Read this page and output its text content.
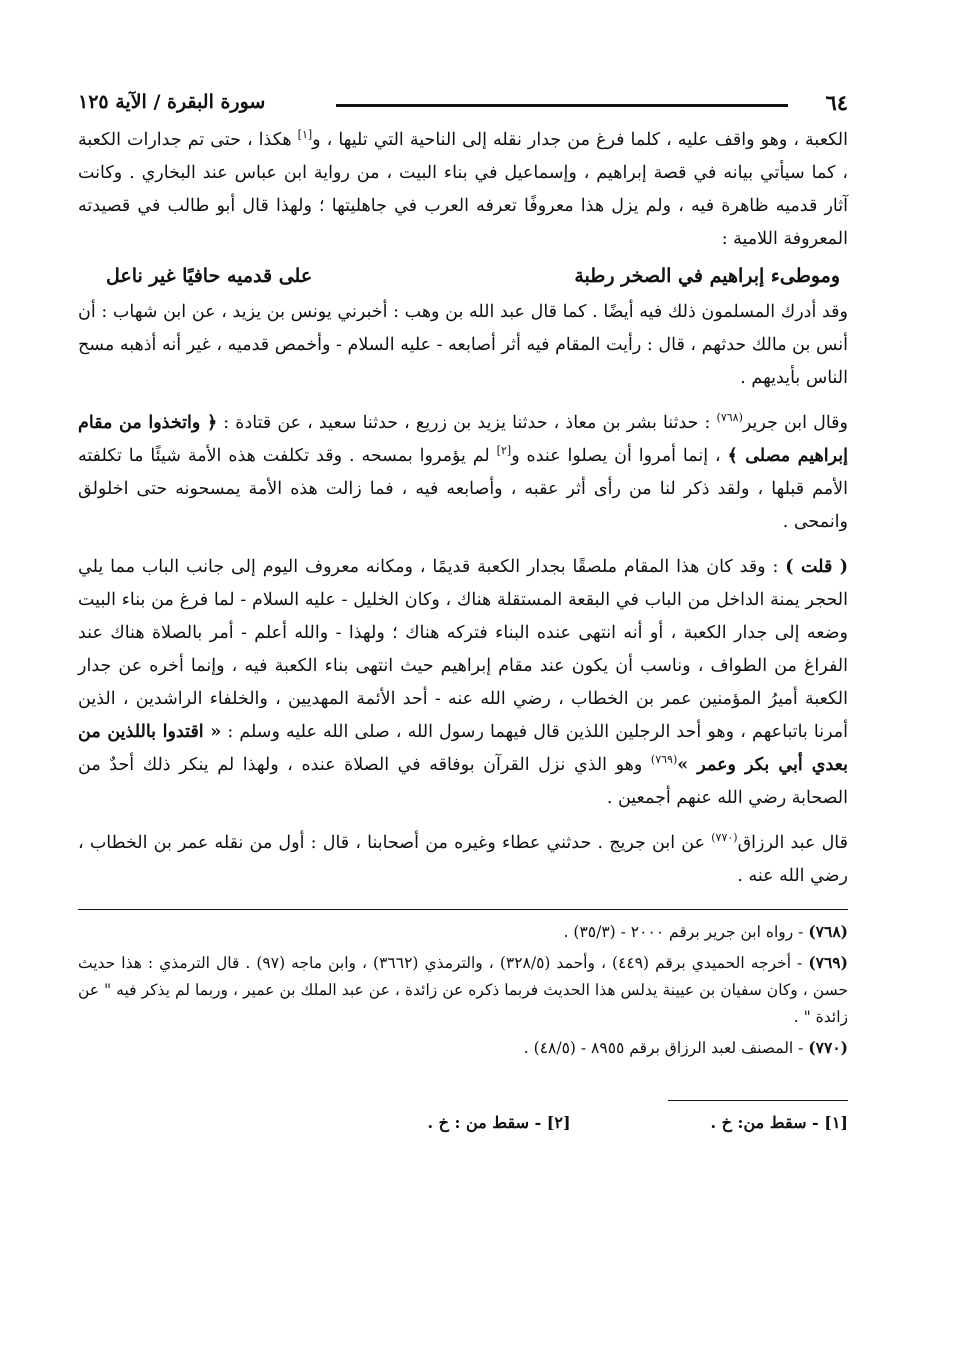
٦٤
سورة البقرة / الآية ١٢٥

الكعبة ، وهو واقف عليه ، كلما فرغ من جدار نقله إلى الناحية التي تليها ، و[١] هكذا ، حتى تم جدارات الكعبة ، كما سيأتي بيانه في قصة إبراهيم ، وإسماعيل في بناء البيت ، من رواية ابن عباس عند البخاري . وكانت آثار قدميه ظاهرة فيه ، ولم يزل هذا معروفًا تعرفه العرب في جاهليتها ؛ ولهذا قال أبو طالب في قصيدته المعروفة اللامية :

وموطىء إبراهيم في الصخر رطبة
على قدميه حافيًا غير ناعل

وقد أدرك المسلمون ذلك فيه أيضًا . كما قال عبد الله بن وهب : أخبرني يونس بن يزيد ، عن ابن شهاب : أن أنس بن مالك حدثهم ، قال : رأيت المقام فيه أثر أصابعه - عليه السلام - وأخمص قدميه ، غير أنه أذهبه مسح الناس بأيديهم .

وقال ابن جرير$^{(٧٦٨)}$ : حدثنا بشر بن معاذ ، حدثنا يزيد بن زريع ، حدثنا سعيد ، عن قتادة : ﴿ واتخذوا من مقام إبراهيم مصلى ﴾ ، إنما أمروا أن يصلوا عنده و[٢] لم يؤمروا بمسحه . وقد تكلفت هذه الأمة شيئًا ما تكلفته الأمم قبلها ، ولقد ذكر لنا من رأى أثر عقبه ، وأصابعه فيه ، فما زالت هذه الأمة يمسحونه حتى اخلولق وانمحى .

( قلت ) : وقد كان هذا المقام ملصقًا بجدار الكعبة قديمًا ، ومكانه معروف اليوم إلى جانب الباب مما يلي الحجر يمنة الداخل من الباب في البقعة المستقلة هناك ، وكان الخليل - عليه السلام - لما فرغ من بناء البيت وضعه إلى جدار الكعبة ، أو أنه انتهى عنده البناء فتركه هناك ؛ ولهذا - والله أعلم - أمر بالصلاة هناك عند الفراغ من الطواف ، وناسب أن يكون عند مقام إبراهيم حيث انتهى بناء الكعبة فيه ، وإنما أخره عن جدار الكعبة أميرُ المؤمنين عمر بن الخطاب ، رضي الله عنه - أحد الأئمة المهديين ، والخلفاء الراشدين ، الذين أمرنا باتباعهم ، وهو أحد الرجلين اللذين قال فيهما رسول الله ، صلى الله عليه وسلم : « اقتدوا باللذين من بعدي أبي بكر وعمر »$^{(٧٦٩)}$ وهو الذي نزل القرآن بوفاقه في الصلاة عنده ، ولهذا لم ينكر ذلك أحدٌ من الصحابة رضي الله عنهم أجمعين .

قال عبد الرزاق$^{(٧٧٠)}$ عن ابن جريج . حدثني عطاء وغيره من أصحابنا ، قال : أول من نقله عمر بن الخطاب ، رضي الله عنه .

(٧٦٨) - رواه ابن جرير برقم ٢٠٠٠ - (٣٥/٣) .

(٧٦٩) - أخرجه الحميدي برقم (٤٤٩) ، وأحمد (٣٢٨/٥) ، والترمذي (٣٦٦٢) ، وابن ماجه (٩٧) . قال الترمذي : هذا حديث حسن ، وكان سفيان بن عيينة يدلس هذا الحديث فربما ذكره عن زائدة ، عن عبد الملك بن عمير ، وربما لم يذكر فيه " عن زائدة " .

(٧٧٠) - المصنف لعبد الرزاق برقم ٨٩٥٥ - (٤٨/٥) .

[١] - سقط من: خ .
[٢] - سقط من : خ .
